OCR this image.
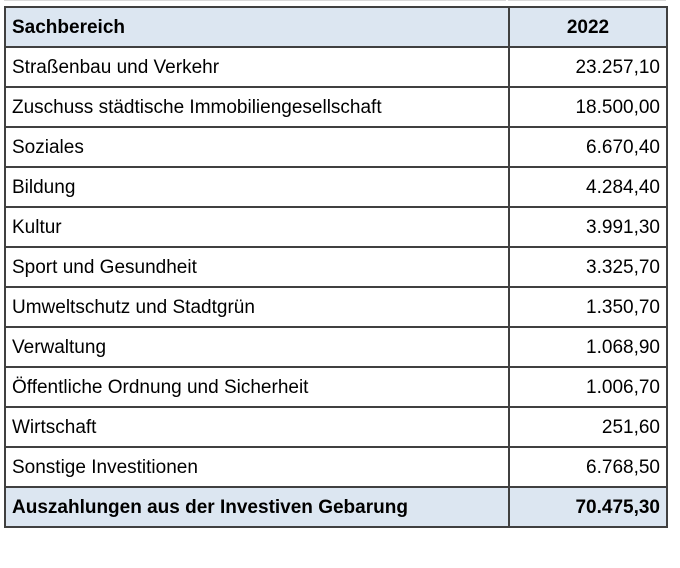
Sachbereich	2022
Straßenbau und Verkehr	23.257,10
Zuschuss städtische Immobiliengesellschaft	18.500,00
Soziales	6.670,40
Bildung	4.284,40
Kultur	3.991,30
Sport und Gesundheit	3.325,70
Umweltschutz und Stadtgrün	1.350,70
Verwaltung	1.068,90
Öffentliche Ordnung und Sicherheit	1.006,70
Wirtschaft	251,60
Sonstige Investitionen	6.768,50
Auszahlungen aus der Investiven Gebarung	70.475,30
